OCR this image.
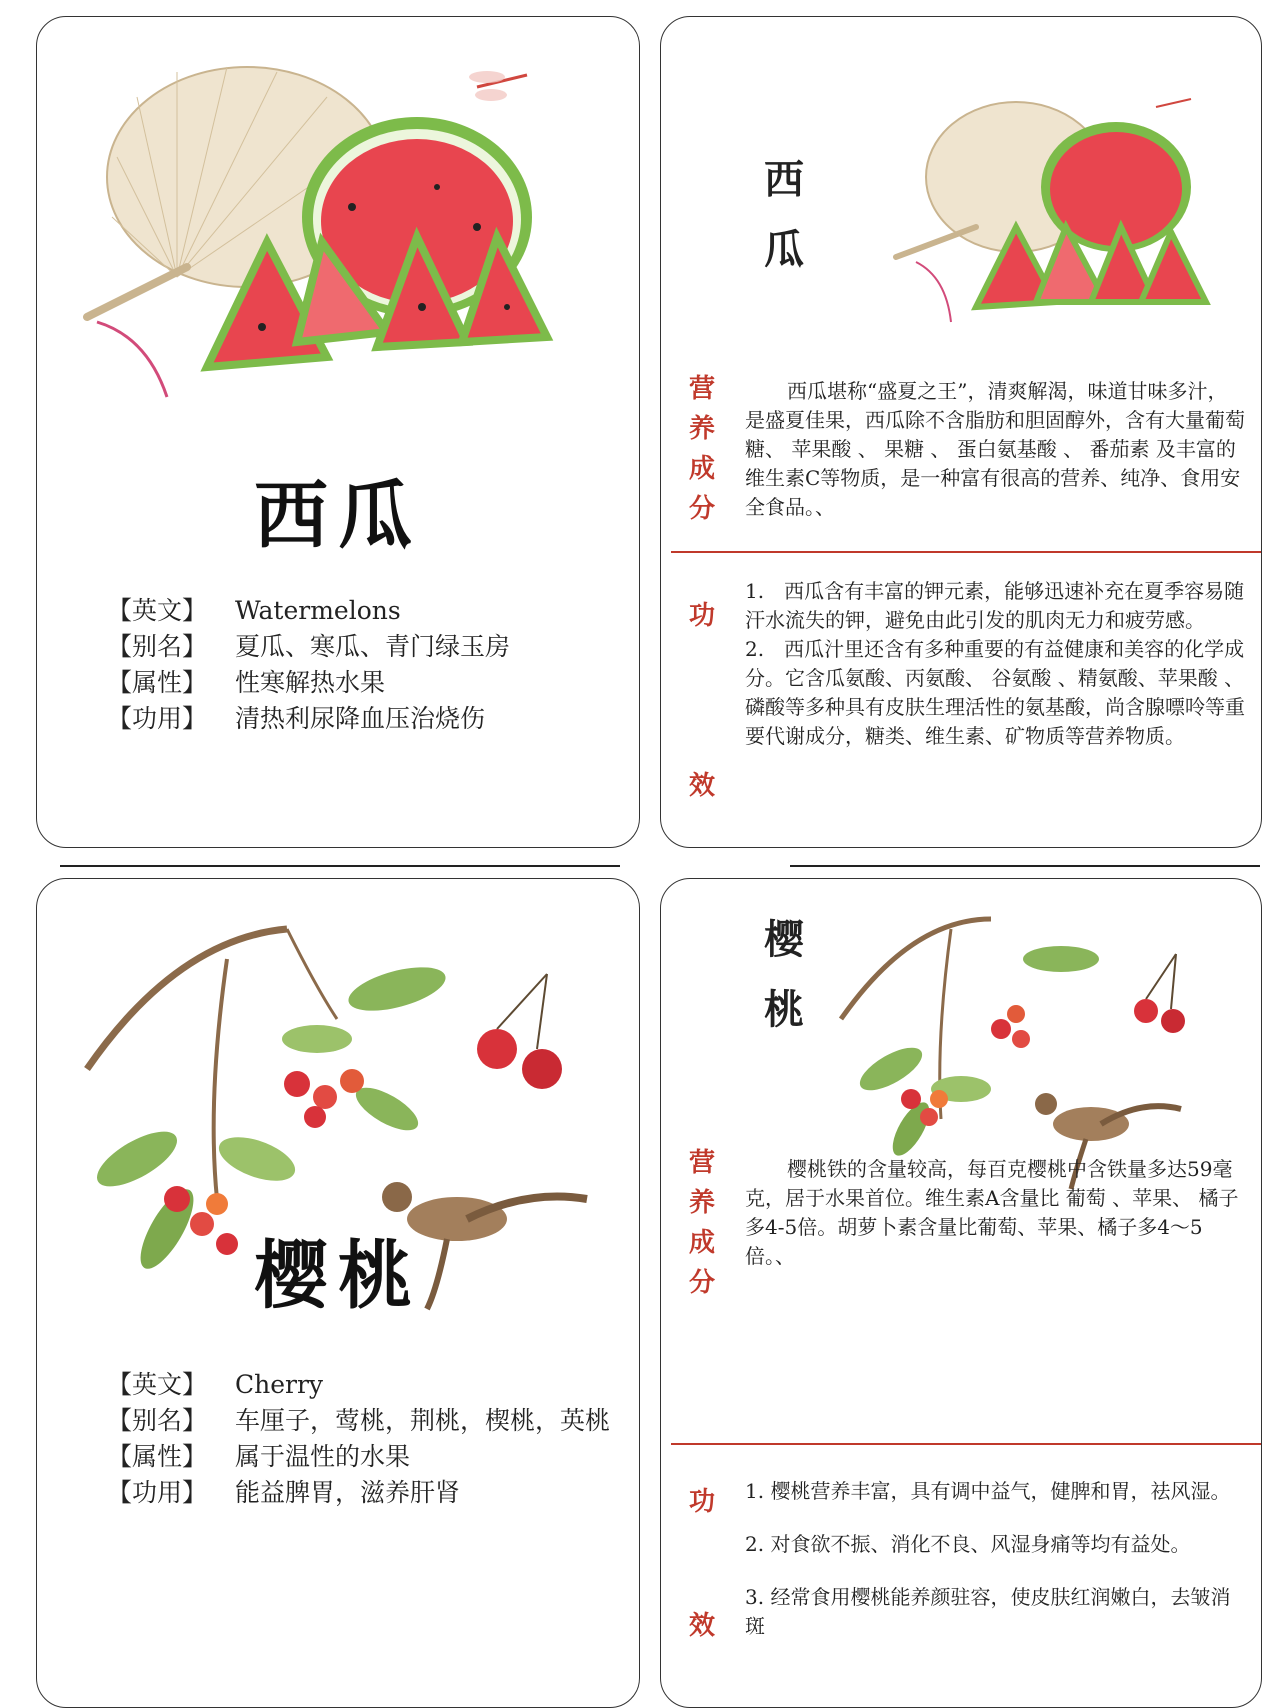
西瓜
【英文】	Watermelons
【别名】	夏瓜、寒瓜、青门绿玉房
【属性】	性寒解热水果
【功用】	清热利尿降血压治烧伤
西瓜
营养成分
西瓜堪称“盛夏之王”，清爽解渴，味道甘味多汁，是盛夏佳果，西瓜除不含脂肪和胆固醇外，含有大量葡萄糖、 苹果酸 、 果糖 、 蛋白氨基酸 、 番茄素 及丰富的维生素C等物质，是一种富有很高的营养、纯净、食用安全食品。、
功
效
1.　西瓜含有丰富的钾元素，能够迅速补充在夏季容易随汗水流失的钾，避免由此引发的肌肉无力和疲劳感。
2.　西瓜汁里还含有多种重要的有益健康和美容的化学成分。它含瓜氨酸、丙氨酸、 谷氨酸 、精氨酸、苹果酸 、磷酸等多种具有皮肤生理活性的氨基酸，尚含腺嘌呤等重要代谢成分，糖类、维生素、矿物质等营养物质。
樱桃
【英文】	Cherry
【别名】	车厘子，莺桃，荆桃，楔桃，英桃
【属性】	属于温性的水果
【功用】	能益脾胃，滋养肝肾
樱桃
营养成分
樱桃铁的含量较高，每百克樱桃中含铁量多达59毫克，居于水果首位。维生素A含量比 葡萄 、苹果、 橘子 多4-5倍。胡萝卜素含量比葡萄、苹果、橘子多4～5倍。、
功
效
1. 樱桃营养丰富，具有调中益气，健脾和胃，祛风湿。
2. 对食欲不振、消化不良、风湿身痛等均有益处。
3. 经常食用樱桃能养颜驻容，使皮肤红润嫩白，去皱消斑
